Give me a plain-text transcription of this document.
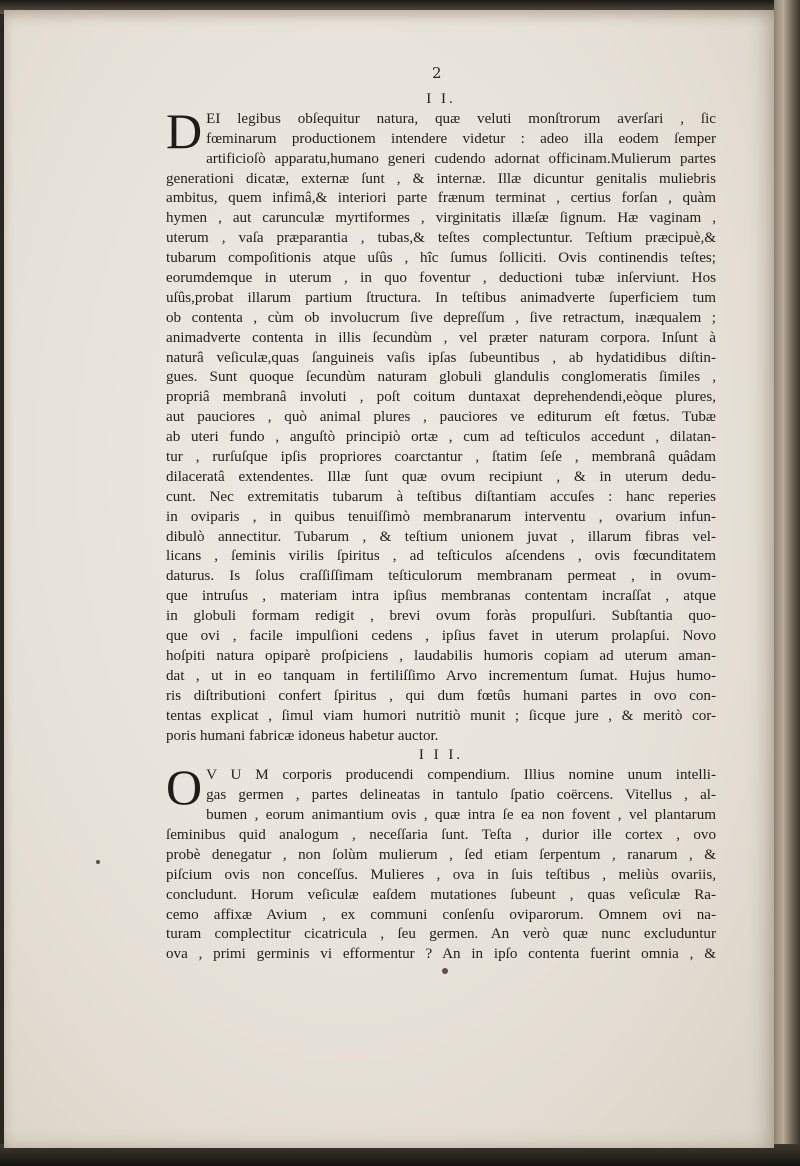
2
I I.
D EI legibus obſequitur natura, quæ veluti monſtrorum averſari , ſic
fœminarum productionem intendere videtur : adeo illa eodem ſemper
artificioſò apparatu,humano generi cudendo adornat officinam.Mulierum partes
generationi dicatæ, externæ ſunt , & internæ. Illæ dicuntur genitalis muliebris
ambitus, quem infimâ,& interiori parte frænum terminat , certius forſan , quàm
hymen , aut carunculæ myrtiformes , virginitatis illæſæ ſignum. Hæ vaginam ,
uterum , vaſa præparantia , tubas,& teſtes complectuntur. Teſtium præcipuè,&
tubarum compoſitionis atque uſûs , hîc ſumus ſolliciti. Ovis continendis teſtes;
eorumdemque in uterum , in quo foventur , deductioni tubæ inſerviunt. Hos
uſûs,probat illarum partium ſtructura. In teſtibus animadverte ſuperficiem tum
ob contenta , cùm ob involucrum ſive depreſſum , ſive retractum, inæqualem ;
animadverte contenta in illis ſecundùm , vel præter naturam corpora. Inſunt à
naturâ veſiculæ,quas ſanguineis vaſis ipſas ſubeuntibus , ab hydatidibus diſtin-
gues. Sunt quoque ſecundùm naturam globuli glandulis conglomeratis ſimiles ,
propriâ membranâ involuti , poſt coitum duntaxat deprehendendi,eòque plures,
aut pauciores , quò animal plures , pauciores ve editurum eſt fœtus. Tubæ
ab uteri fundo , anguſtò principiò ortæ , cum ad teſticulos accedunt , dilatan-
tur , rurſuſque ipſis propriores coarctantur , ſtatim ſeſe , membranâ quâdam
dilaceratâ extendentes. Illæ ſunt quæ ovum recipiunt , & in uterum dedu-
cunt. Nec extremitatis tubarum à teſtibus diſtantiam accuſes : hanc reperies
in oviparis , in quibus tenuiſſimò membranarum interventu , ovarium infun-
dibulò annectitur. Tubarum , & teſtium unionem juvat , illarum fibras vel-
licans , ſeminis virilis ſpiritus , ad teſticulos aſcendens , ovis fœcunditatem
daturus. Is ſolus craſſiſſimam teſticulorum membranam permeat , in ovum-
que intruſus , materiam intra ipſius membranas contentam incraſſat , atque
in globuli formam redigit , brevi ovum foràs propulſuri. Subſtantia quo-
que ovi , facile impulſioni cedens , ipſius favet in uterum prolapſui. Novo
hoſpiti natura opiparè proſpiciens , laudabilis humoris copiam ad uterum aman-
dat , ut in eo tanquam in fertiliſſimo Arvo incrementum ſumat. Hujus humo-
ris diſtributioni confert ſpiritus , qui dum fœtûs humani partes in ovo con-
tentas explicat , ſimul viam humori nutritiò munit ; ſicque jure , & meritò cor-
poris humani fabricæ idoneus habetur auctor.
I I I.
O V U M corporis producendi compendium. Illius nomine unum intelli-
gas germen , partes delineatas in tantulo ſpatio coërcens. Vitellus , al-
bumen , eorum animantium ovis , quæ intra ſe ea non fovent , vel plantarum
ſeminibus quid analogum , neceſſaria ſunt. Teſta , durior ille cortex , ovo
probè denegatur , non ſolùm mulierum , ſed etiam ſerpentum , ranarum , &
piſcium ovis non conceſſus. Mulieres , ova in ſuis teſtibus , meliùs ovariis,
concludunt. Horum veſiculæ eaſdem mutationes ſubeunt , quas veſiculæ Ra-
cemo affixæ Avium , ex communi conſenſu oviparorum. Omnem ovi na-
turam complectitur cicatricula , ſeu germen. An verò quæ nunc excluduntur
ova , primi germinis vi efformentur ? An in ipſo contenta fuerint omnia , &
